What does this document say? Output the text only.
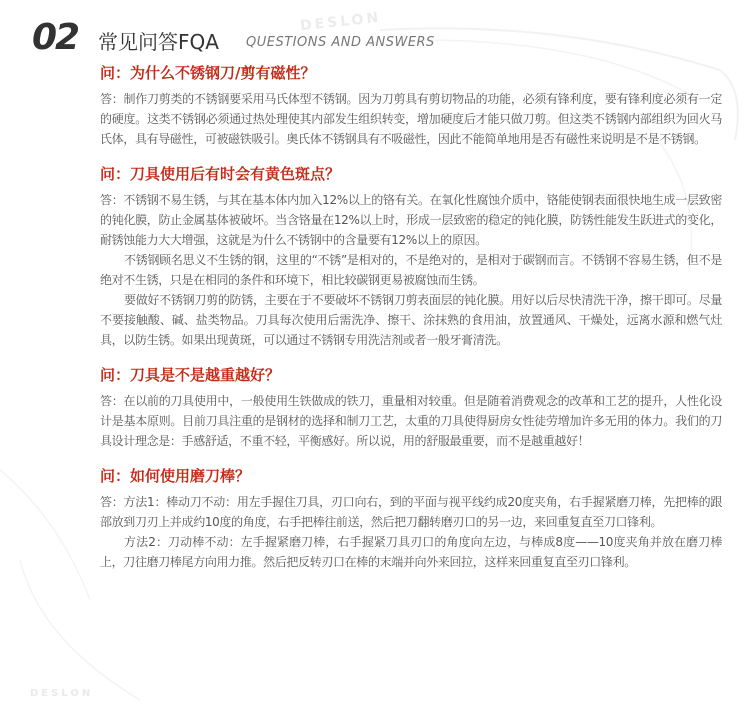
DESLON
DESLON
02 常见问答FQA QUESTIONS AND ANSWERS
问：为什么不锈钢刀/剪有磁性？
答：制作刀剪类的不锈钢要采用马氏体型不锈钢。因为刀剪具有剪切物品的功能，必须有锋利度，要有锋利度必须有一定的硬度。这类不锈钢必须通过热处理使其内部发生组织转变，增加硬度后才能只做刀剪。但这类不锈钢内部组织为回火马氏体，具有导磁性，可被磁铁吸引。奥氏体不锈钢具有不吸磁性，因此不能简单地用是否有磁性来说明是不是不锈钢。
问：刀具使用后有时会有黄色斑点？
答：不锈钢不易生锈，与其在基本体内加入12%以上的铬有关。在氧化性腐蚀介质中，铬能使钢表面很快地生成一层致密的钝化膜，防止金属基体被破坏。当含铬量在12%以上时，形成一层致密的稳定的钝化膜，防锈性能发生跃进式的变化，耐锈蚀能力大大增强，这就是为什么不锈钢中的含量要有12%以上的原因。
不锈钢顾名思义不生锈的钢，这里的“不锈”是相对的，不是绝对的，是相对于碳钢而言。不锈钢不容易生锈，但不是绝对不生锈，只是在相同的条件和环境下，相比较碳钢更易被腐蚀而生锈。
要做好不锈钢刀剪的防锈，主要在于不要破坏不锈钢刀剪表面层的钝化膜。用好以后尽快清洗干净，擦干即可。尽量不要接触酸、碱、盐类物品。刀具每次使用后需洗净、擦干、涂抹熟的食用油，放置通风、干燥处，远离水源和燃气灶具，以防生锈。如果出现黄斑，可以通过不锈钢专用洗洁剂或者一般牙膏清洗。
问：刀具是不是越重越好？
答：在以前的刀具使用中，一般使用生铁做成的铁刀，重量相对较重。但是随着消费观念的改革和工艺的提升，人性化设计是基本原则。目前刀具注重的是钢材的选择和制刀工艺，太重的刀具使得厨房女性徒劳增加许多无用的体力。我们的刀具设计理念是：手感舒适，不重不轻，平衡感好。所以说，用的舒服最重要，而不是越重越好！
问：如何使用磨刀棒？
答：方法1：棒动刀不动：用左手握住刀具，刃口向右，到的平面与视平线约成20度夹角，右手握紧磨刀棒，先把棒的跟部放到刀刃上并成约10度的角度，右手把棒往前送，然后把刀翻转磨刃口的另一边，来回重复直至刀口锋利。
方法2：刀动棒不动：左手握紧磨刀棒，右手握紧刀具刃口的角度向左边，与棒成8度——10度夹角并放在磨刀棒上，刀往磨刀棒尾方向用力推。然后把反转刃口在棒的末端并向外来回拉，这样来回重复直至刃口锋利。
